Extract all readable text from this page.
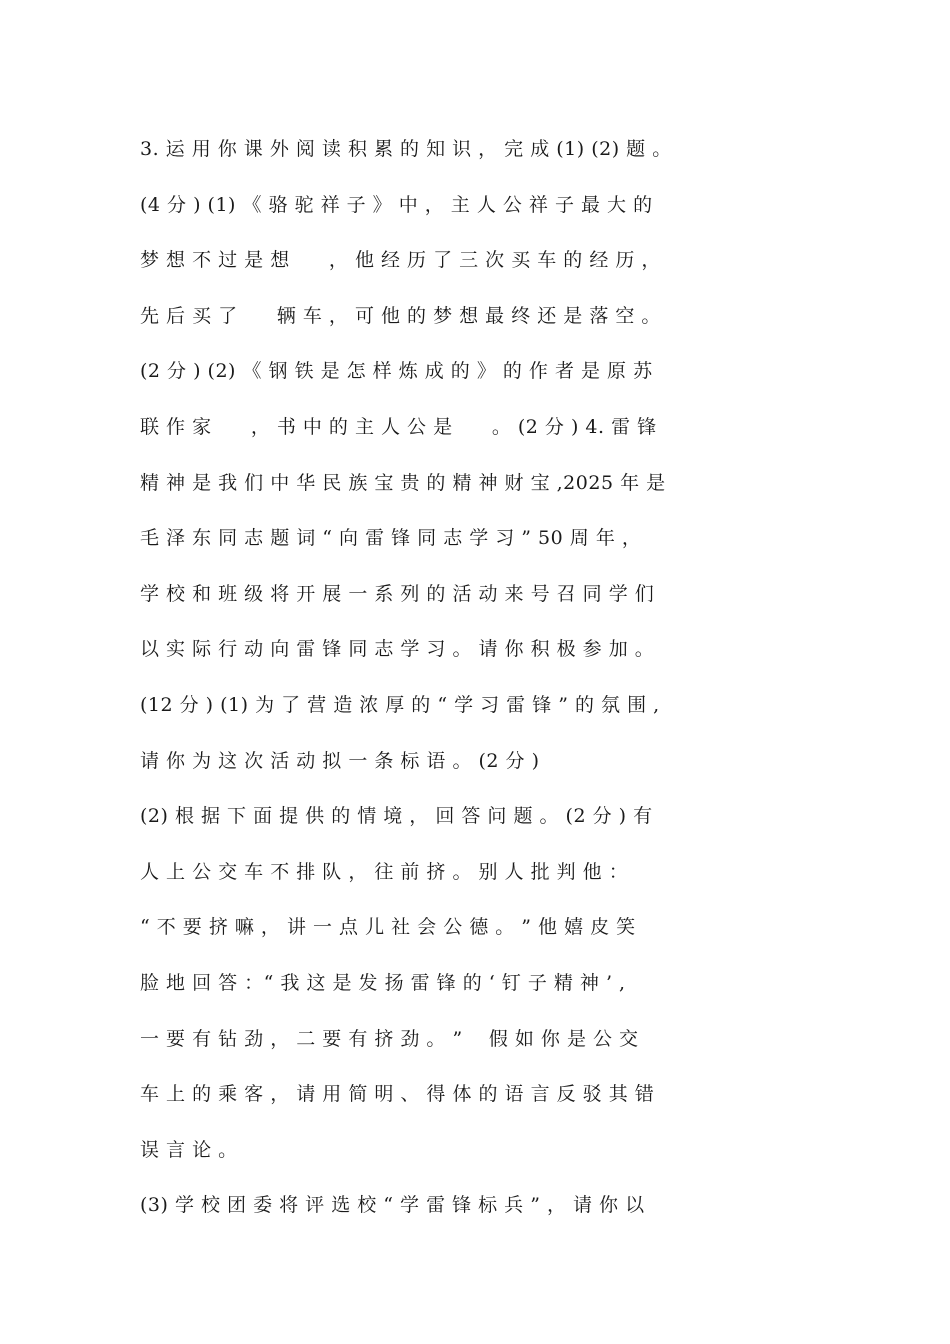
3. 运 用 你 课 外 阅 读 积 累 的 知 识 ， 完 成 (1) (2) 题 。
(4 分 ) (1) 《 骆 驼 祥 子 》 中 ， 主 人 公 祥 子 最 大 的
梦 想 不 过 是 想      ， 他 经 历 了 三 次 买 车 的 经 历 ，
先 后 买 了      辆 车 ， 可 他 的 梦 想 最 终 还 是 落 空 。
(2 分 ) (2) 《 钢 铁 是 怎 样 炼 成 的 》 的 作 者 是 原 苏
联 作 家      ， 书 中 的 主 人 公 是      。 (2 分 ) 4. 雷 锋
精 神 是 我 们 中 华 民 族 宝 贵 的 精 神 财 宝 ,2025 年 是
毛 泽 东 同 志 题 词 “ 向 雷 锋 同 志 学 习 ” 50 周 年 ，
学 校 和 班 级 将 开 展 一 系 列 的 活 动 来 号 召 同 学 们
以 实 际 行 动 向 雷 锋 同 志 学 习 。 请 你 积 极 参 加 。
(12 分 ) (1) 为 了 营 造 浓 厚 的 “ 学 习 雷 锋 ” 的 氛 围 ,
请 你 为 这 次 活 动 拟 一 条 标 语 。 (2 分 )
(2) 根 据 下 面 提 供 的 情 境 ， 回 答 问 题 。 (2 分 ) 有
人 上 公 交 车 不 排 队 ， 往 前 挤 。 别 人 批 判 他 ：
“ 不 要 挤 嘛 ， 讲 一 点 儿 社 会 公 德 。 ” 他 嬉 皮 笑
脸 地 回 答 ：“ 我 这 是 发 扬 雷 锋 的 ‘ 钉 子 精 神 ’ ,
一 要 有 钻 劲 ， 二 要 有 挤 劲 。 ”    假 如 你 是 公 交
车 上 的 乘 客 ， 请 用 简 明 、 得 体 的 语 言 反 驳 其 错
误 言 论 。
(3) 学 校 团 委 将 评 选 校 “ 学 雷 锋 标 兵 ” ， 请 你 以
